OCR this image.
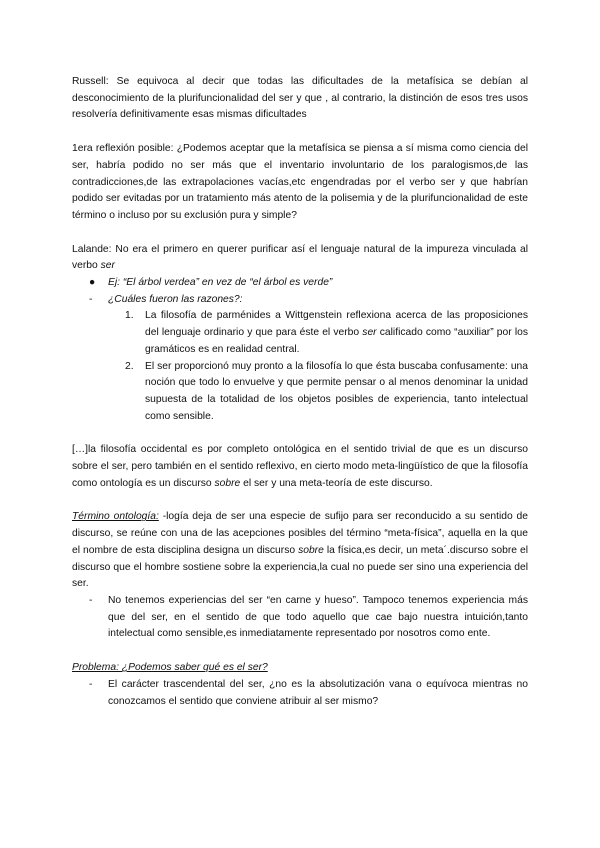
Russell: Se equivoca al decir que todas las dificultades de la metafísica se debían al desconocimiento de la plurifuncionalidad del ser y que , al contrario, la distinción de esos tres usos resolvería definitivamente esas mismas dificultades

1era reflexión posible: ¿Podemos aceptar que la metafísica se piensa a sí misma como ciencia del ser, habría podido no ser más que el inventario involuntario de los paralogismos,de las contradicciones,de las extrapolaciones vacías,etc engendradas por el verbo ser y que habrían podido ser evitadas por un tratamiento más atento de la polisemia y de la plurifuncionalidad de este término o incluso por su exclusión pura y simple?

Lalande: No era el primero en querer purificar así el lenguaje natural de la impureza vinculada al verbo ser

●	Ej: “El árbol verdea” en vez de “el árbol es verde”
-	¿Cuáles fueron las razones?:
1.	La filosofía de parménides a Wittgenstein reflexiona acerca de las proposiciones del lenguaje ordinario y que para éste el verbo ser calificado como “auxiliar” por los gramáticos es en realidad central.
2.	El ser proporcionó muy pronto a la filosofía lo que ésta buscaba confusamente: una noción que todo lo envuelve y que permite pensar o al menos denominar la unidad supuesta de la totalidad de los objetos posibles de experiencia, tanto intelectual como sensible.

[…]la filosofía occidental es por completo ontológica en el sentido trivial de que es un discurso sobre el ser, pero también en el sentido reflexivo, en cierto modo meta-lingüístico de que la filosofía como ontología es un discurso sobre el ser y una meta-teoría de este discurso.

Término ontología: -logía deja de ser una especie de sufijo para ser reconducido a su sentido de discurso, se reúne con una de las acepciones posibles del término “meta-física”, aquella en la que el nombre de esta disciplina designa un discurso sobre la física,es decir, un meta´.discurso sobre el discurso que el hombre sostiene sobre la experiencia,la cual no puede ser sino una experiencia del ser.

-	No tenemos experiencias del ser “en carne y hueso”. Tampoco tenemos experiencia más que del ser, en el sentido de que todo aquello que cae bajo nuestra intuición,tanto intelectual como sensible,es inmediatamente representado por nosotros como ente.

Problema: ¿Podemos saber qué es el ser?

-	El carácter trascendental del ser, ¿no es la absolutización vana o equívoca mientras no conozcamos el sentido que conviene atribuir al ser mismo?
